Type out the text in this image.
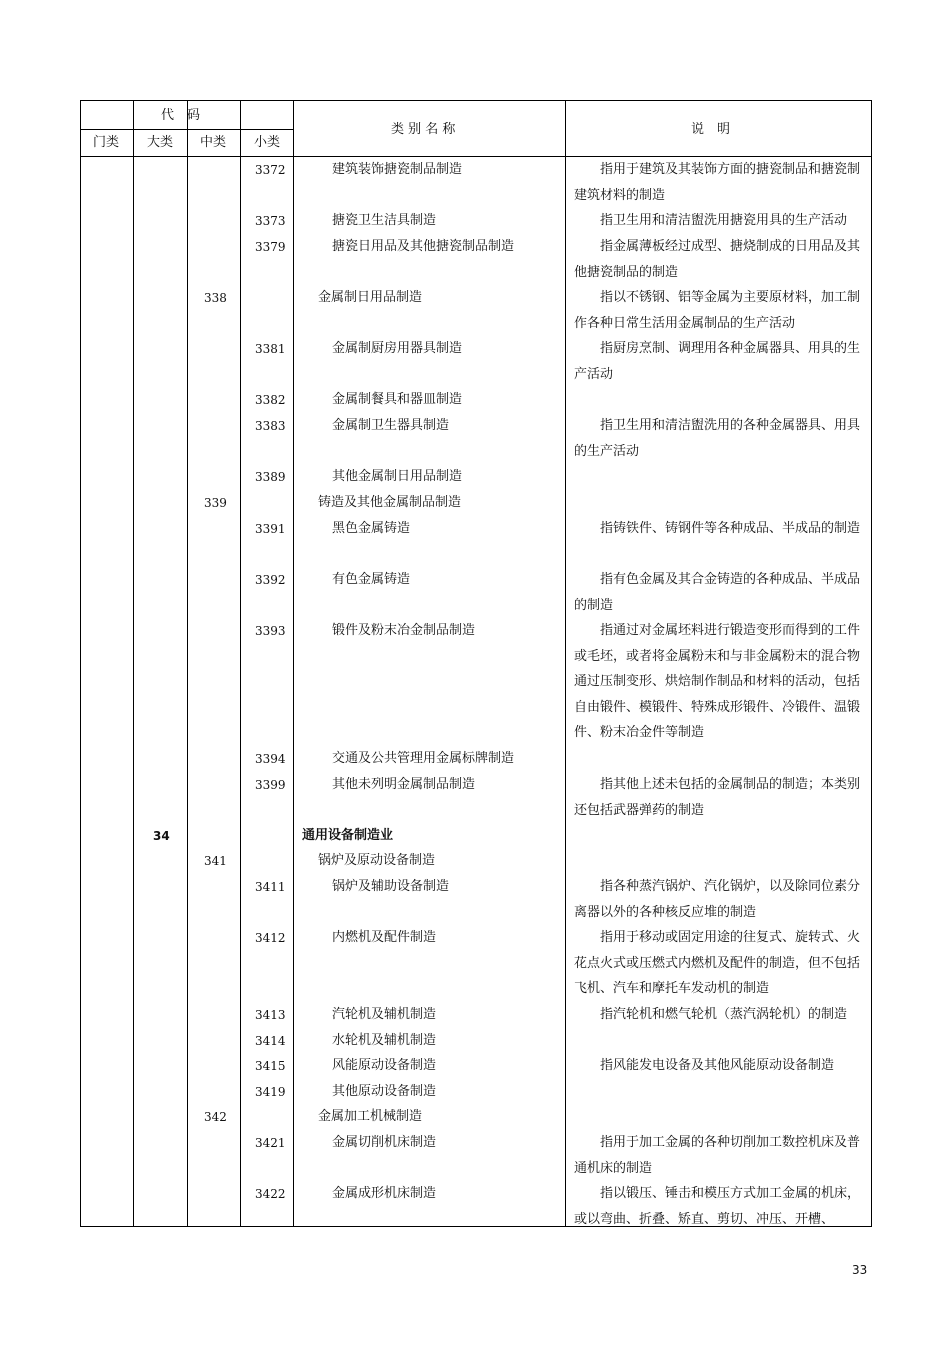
代　码
门类 大类 中类 小类
类 别 名 称	说　明
3372	建筑装饰搪瓷制品制造	指用于建筑及其装饰方面的搪瓷制品和搪瓷制建筑材料的制造
3373	搪瓷卫生洁具制造	指卫生用和清洁盥洗用搪瓷用具的生产活动
3379	搪瓷日用品及其他搪瓷制品制造	指金属薄板经过成型、搪烧制成的日用品及其他搪瓷制品的制造
338	金属制日用品制造	指以不锈钢、铝等金属为主要原材料，加工制作各种日常生活用金属制品的生产活动
3381	金属制厨房用器具制造	指厨房烹制、调理用各种金属器具、用具的生产活动
3382	金属制餐具和器皿制造
3383	金属制卫生器具制造	指卫生用和清洁盥洗用的各种金属器具、用具的生产活动
3389	其他金属制日用品制造
339	铸造及其他金属制品制造
3391	黑色金属铸造	指铸铁件、铸钢件等各种成品、半成品的制造
3392	有色金属铸造	指有色金属及其合金铸造的各种成品、半成品的制造
3393	锻件及粉末冶金制品制造	指通过对金属坯料进行锻造变形而得到的工件或毛坯，或者将金属粉末和与非金属粉末的混合物通过压制变形、烘焙制作制品和材料的活动，包括自由锻件、模锻件、特殊成形锻件、冷锻件、温锻件、粉末冶金件等制造
3394	交通及公共管理用金属标牌制造
3399	其他未列明金属制品制造	指其他上述未包括的金属制品的制造；本类别还包括武器弹药的制造
34	通用设备制造业
341	锅炉及原动设备制造
3411	锅炉及辅助设备制造	指各种蒸汽锅炉、汽化锅炉，以及除同位素分离器以外的各种核反应堆的制造
3412	内燃机及配件制造	指用于移动或固定用途的往复式、旋转式、火花点火式或压燃式内燃机及配件的制造，但不包括飞机、汽车和摩托车发动机的制造
3413	汽轮机及辅机制造	指汽轮机和燃气轮机（蒸汽涡轮机）的制造
3414	水轮机及辅机制造
3415	风能原动设备制造	指风能发电设备及其他风能原动设备制造
3419	其他原动设备制造
342	金属加工机械制造
3421	金属切削机床制造	指用于加工金属的各种切削加工数控机床及普通机床的制造
3422	金属成形机床制造	指以锻压、锤击和模压方式加工金属的机床，或以弯曲、折叠、矫直、剪切、冲压、开槽、
33
